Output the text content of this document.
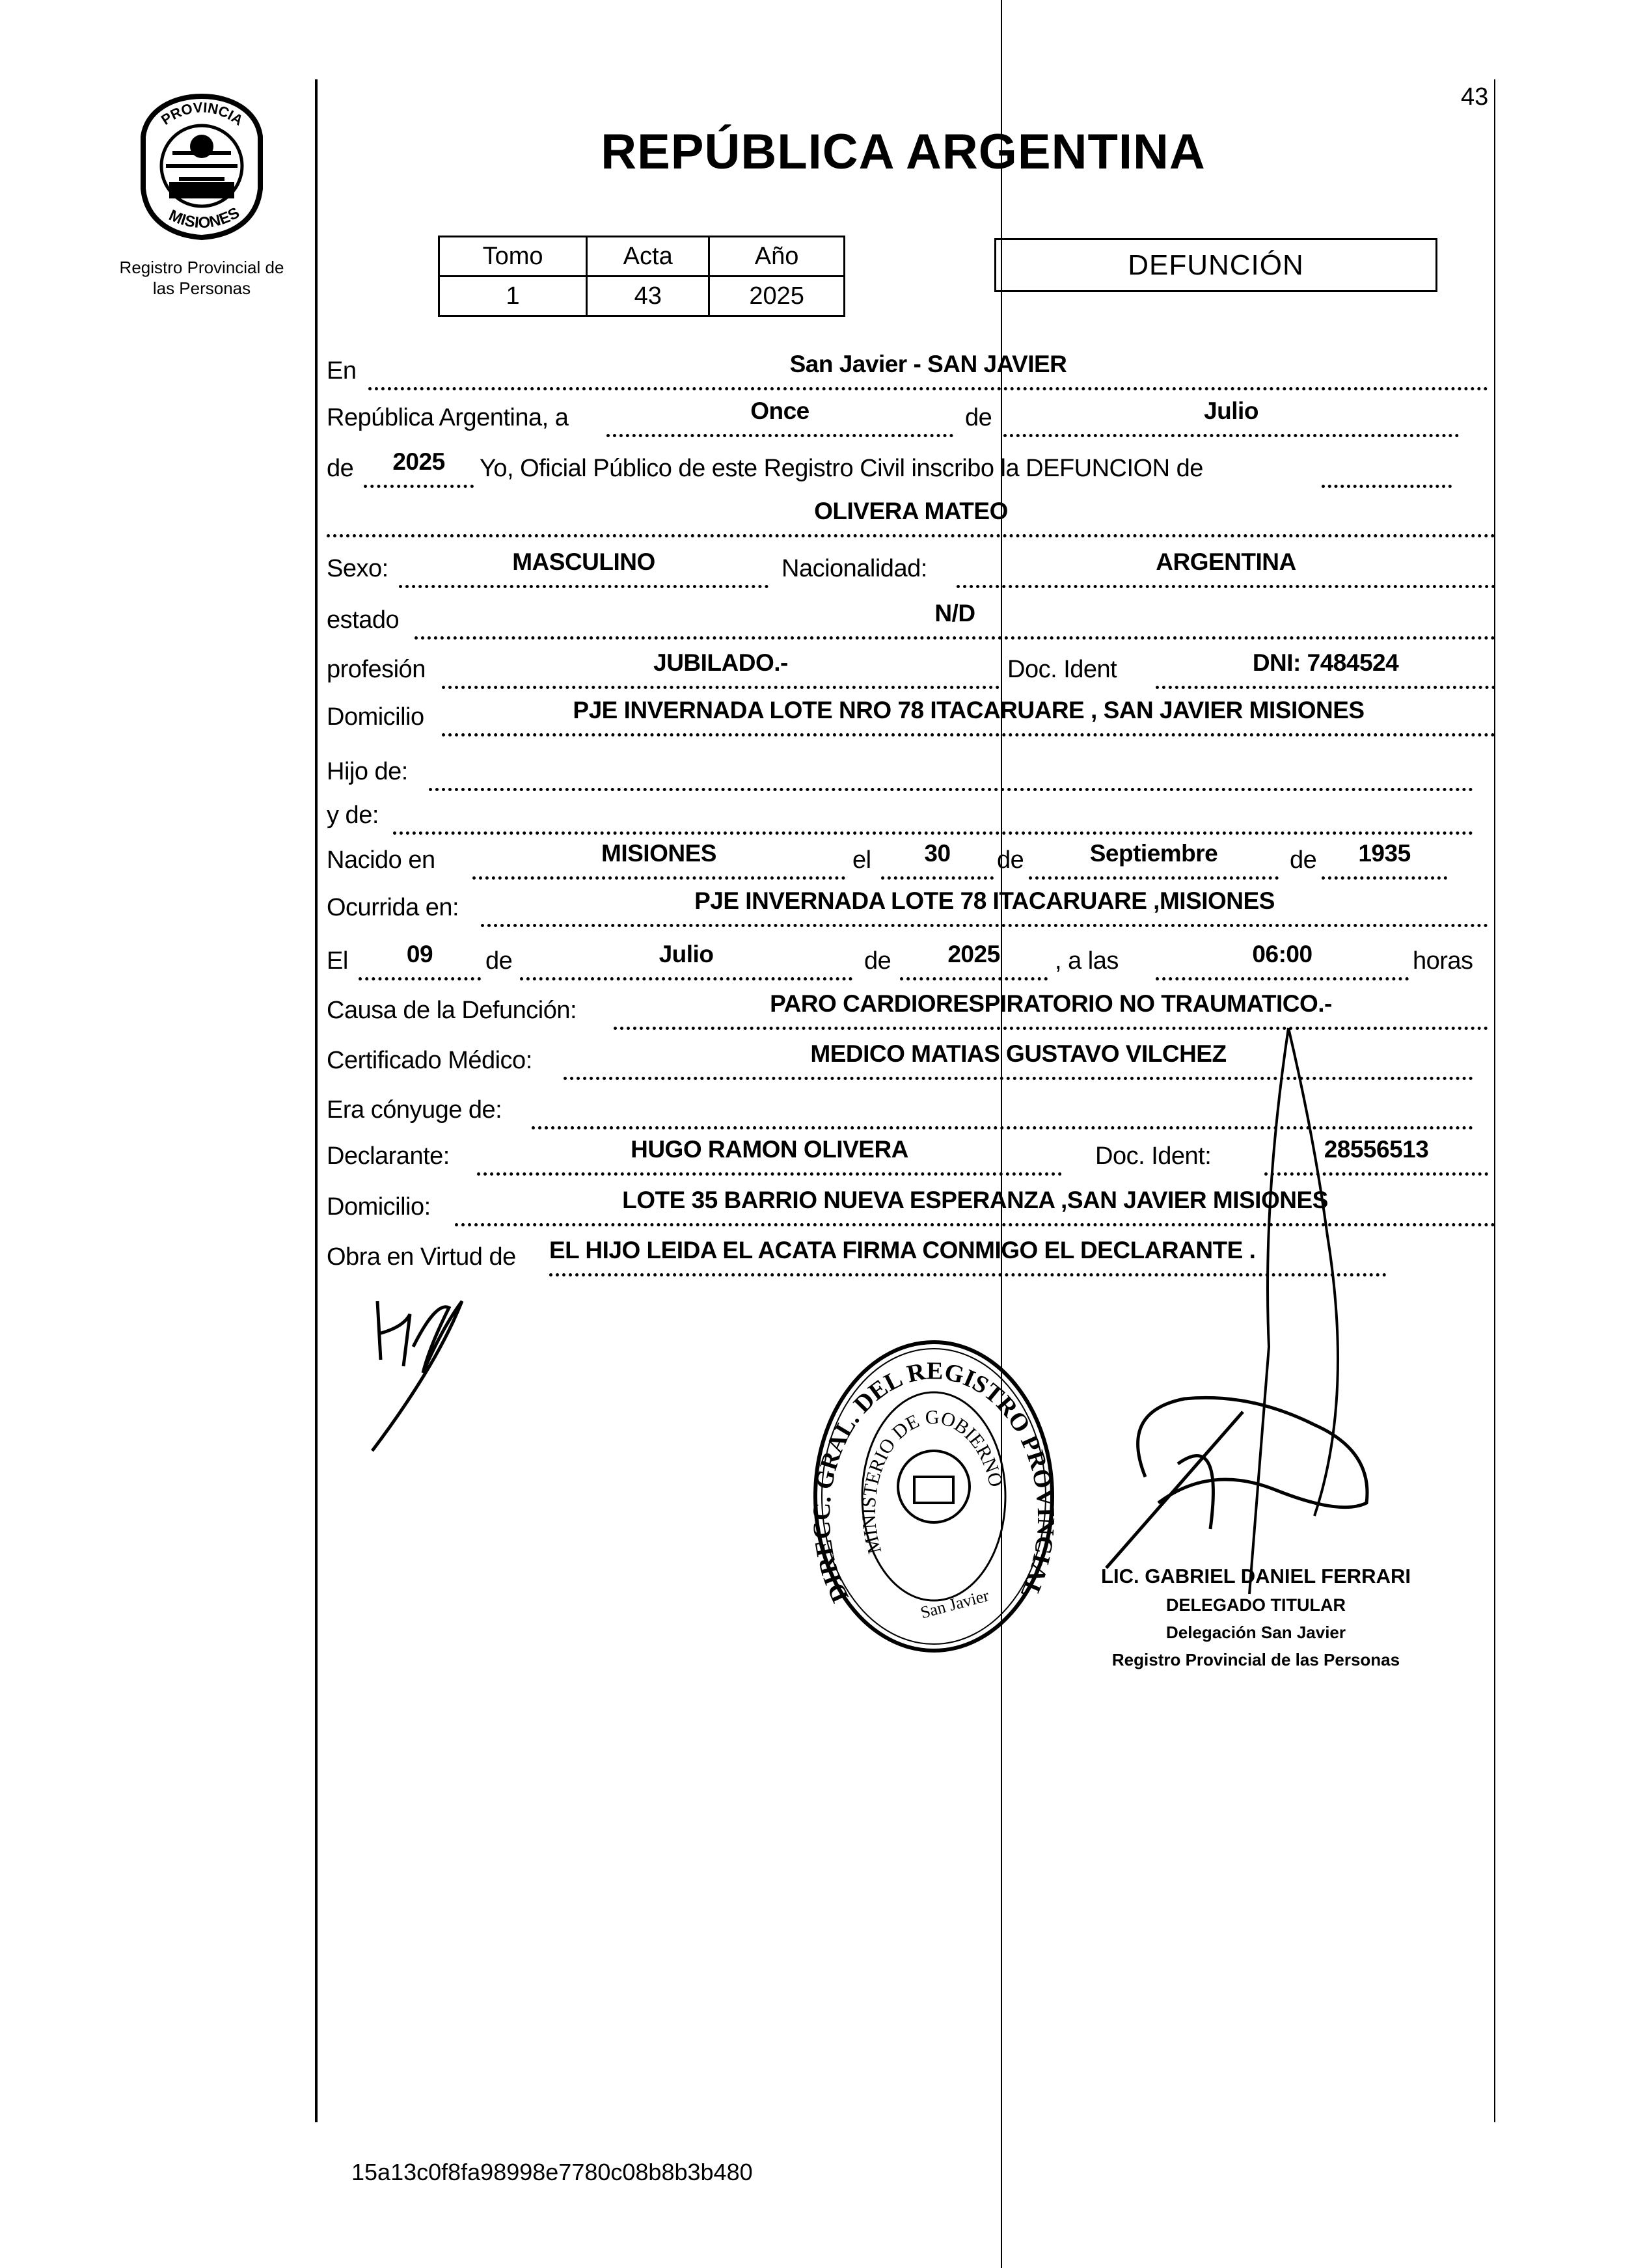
PROVINCIA
MISIONES
Registro Provincial de
las Personas
43
REPÚBLICA ARGENTINA
Tomo	Acta	Año
1	43	2025
DEFUNCIÓN
En	San Javier - SAN JAVIER
República Argentina, a	Once	de	Julio
de	2025	Yo, Oficial Público de este Registro Civil inscribo la DEFUNCION de
OLIVERA MATEO
Sexo:	MASCULINO	Nacionalidad:	ARGENTINA
estado	N/D
profesión	JUBILADO.-	Doc. Ident	DNI: 7484524
Domicilio	PJE INVERNADA LOTE NRO 78 ITACARUARE , SAN JAVIER MISIONES
Hijo de:
y de:
Nacido en	MISIONES	el	30	de	Septiembre	de	1935
Ocurrida en:	PJE INVERNADA LOTE 78 ITACARUARE ,MISIONES
El	09	de	Julio	de	2025	, a las	06:00	horas
Causa de la Defunción:	PARO CARDIORESPIRATORIO NO TRAUMATICO.-
Certificado Médico:	MEDICO MATIAS GUSTAVO VILCHEZ
Era cónyuge de:
Declarante:	HUGO RAMON OLIVERA	Doc. Ident:	28556513
Domicilio:	LOTE 35 BARRIO NUEVA ESPERANZA ,SAN JAVIER MISIONES
Obra en Virtud de EL HIJO LEIDA EL ACATA FIRMA CONMIGO EL DECLARANTE .
DIRECC. GRAL. DEL REGISTRO PROVINCIAL
MINISTERIO DE GOBIERNO
San Javier
LIC. GABRIEL DANIEL FERRARI
DELEGADO TITULAR
Delegación San Javier
Registro Provincial de las Personas
15a13c0f8fa98998e7780c08b8b3b480
